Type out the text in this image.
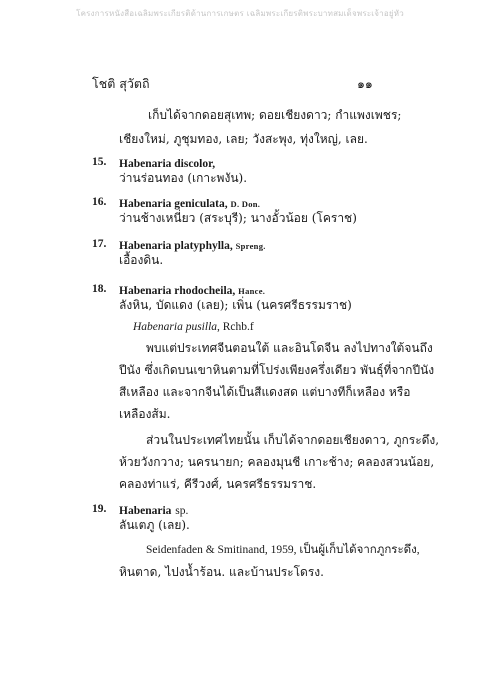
โครงการหนังสือเฉลิมพระเกียรติด้านการเกษตร เฉลิมพระเกียรติพระบาทสมเด็จพระเจ้าอยู่หัว
โชติ สุวัตถิ	๑๑
เก็บได้จากดอยสุเทพ; ดอยเชียงดาว; กำแพงเพชร;
เชียงใหม่, ภูชุมทอง, เลย; วังสะพุง, ทุ่งใหญ่, เลย.
15. Habenaria discolor,
ว่านร่อนทอง (เกาะพงัน).
16. Habenaria geniculata, D. Don.
ว่านช้างเหนี่ยว (สระบุรี); นางอั้วน้อย (โคราช)
17. Habenaria platyphylla, Spreng.
เอื้องดิน.
18. Habenaria rhodocheila, Hance.
ลังหิน, บัดแดง (เลย); เพิ่น (นครศรีธรรมราช)
Habenaria pusilla, Rchb.f
พบแต่ประเทศจีนตอนใต้ และอินโดจีน ลงไปทางใต้จนถึง
ปีนัง ซึ่งเกิดบนเขาหินตามที่โปร่งเพียงครึ่งเดียว พันธุ์ที่จากปีนัง
สีเหลือง และจากจีนได้เป็นสีแดงสด แต่บางทีก็เหลือง หรือ
เหลืองส้ม.
ส่วนในประเทศไทยนั้น เก็บได้จากดอยเชียงดาว, ภูกระดึง,
ห้วยวังกวาง; นครนายก; คลองมุนชี เกาะช้าง; คลองสวนน้อย,
คลองท่าแร่, คีรีวงศ์, นครศรีธรรมราช.
19. Habenaria sp.
ลันเตภู (เลย).
Seidenfaden & Smitinand, 1959, เป็นผู้เก็บได้จากภูกระดึง,
หินตาด, ไปงน้ำร้อน. และบ้านประโดรง.
